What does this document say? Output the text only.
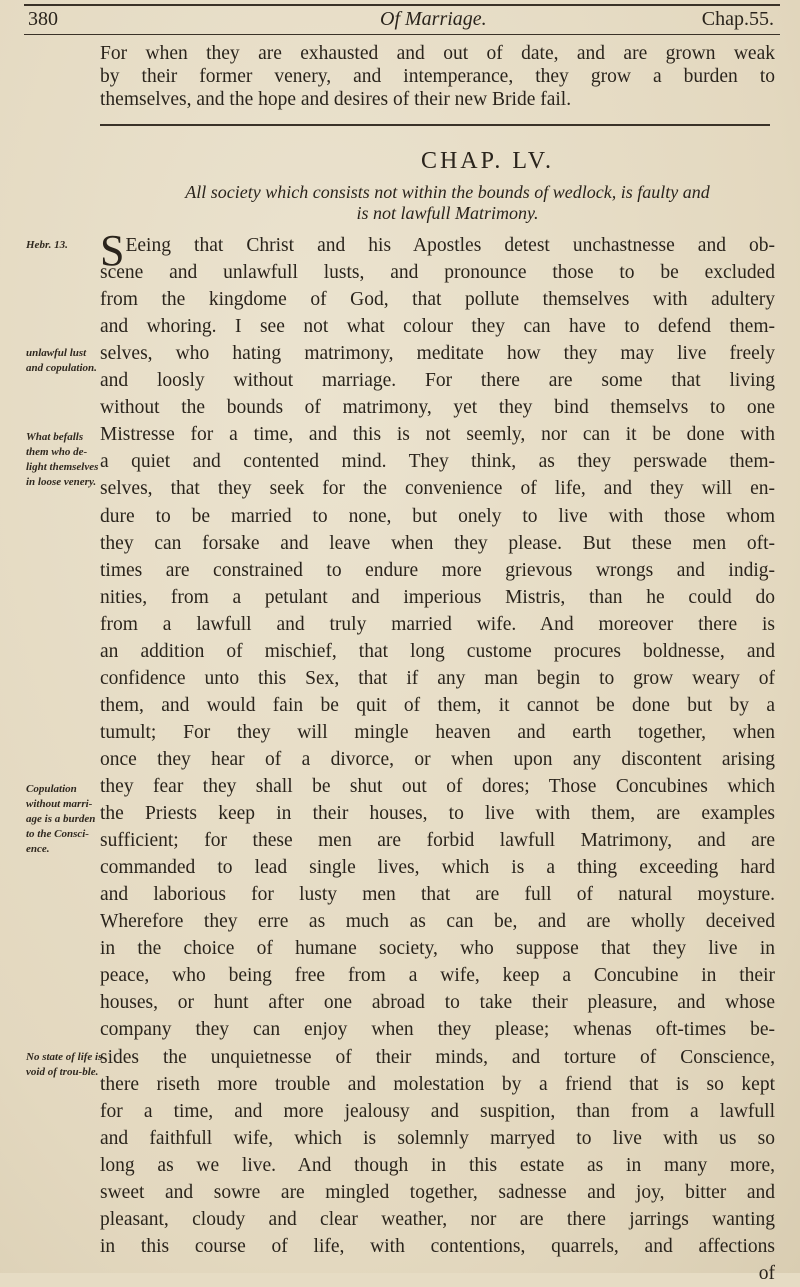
380	Of Marriage.	Chap.55.
For when they are exhausted and out of date, and are grown weak
by their former venery, and intemperance, they grow a burden to
themselves, and the hope and desires of their new Bride fail.
CHAP. LV.
All society which consists not within the bounds of wedlock, is faulty and
is not lawfull Matrimony.
SEeing that Christ and his Apostles detest unchastnesse and ob-
scene and unlawfull lusts, and pronounce those to be excluded
from the kingdome of God, that pollute themselves with adultery
and whoring. I see not what colour they can have to defend them-
selves, who hating matrimony, meditate how they may live freely
and loosly without marriage. For there are some that living
without the bounds of matrimony, yet they bind themselvs to one
Mistresse for a time, and this is not seemly, nor can it be done with
a quiet and contented mind. They think, as they perswade them-
selves, that they seek for the convenience of life, and they will en-
dure to be married to none, but onely to live with those whom
they can forsake and leave when they please. But these men oft-
times are constrained to endure more grievous wrongs and indig-
nities, from a petulant and imperious Mistris, than he could do
from a lawfull and truly married wife. And moreover there is
an addition of mischief, that long custome procures boldnesse, and
confidence unto this Sex, that if any man begin to grow weary of
them, and would fain be quit of them, it cannot be done but by a
tumult; For they will mingle heaven and earth together, when
once they hear of a divorce, or when upon any discontent arising
they fear they shall be shut out of dores; Those Concubines which
the Priests keep in their houses, to live with them, are examples
sufficient; for these men are forbid lawfull Matrimony, and are
commanded to lead single lives, which is a thing exceeding hard
and laborious for lusty men that are full of natural moysture.
Wherefore they erre as much as can be, and are wholly deceived
in the choice of humane society, who suppose that they live in
peace, who being free from a wife, keep a Concubine in their
houses, or hunt after one abroad to take their pleasure, and whose
company they can enjoy when they please; whenas oft-times be-
sides the unquietnesse of their minds, and torture of Conscience,
there riseth more trouble and molestation by a friend that is so kept
for a time, and more jealousy and suspition, than from a lawfull
and faithfull wife, which is solemnly marryed to live with us so
long as we live. And though in this estate as in many more,
sweet and sowre are mingled together, sadnesse and joy, bitter and
pleasant, cloudy and clear weather, nor are there jarrings wanting
in this course of life, with contentions, quarrels, and affections
of
Hebr. 13.
unlawful lust and copulation.
What befalls them who de-light themselves in loose venery.
Copulation without marri-age is a burden to the Consci-ence.
No state of life is void of trou-ble.
